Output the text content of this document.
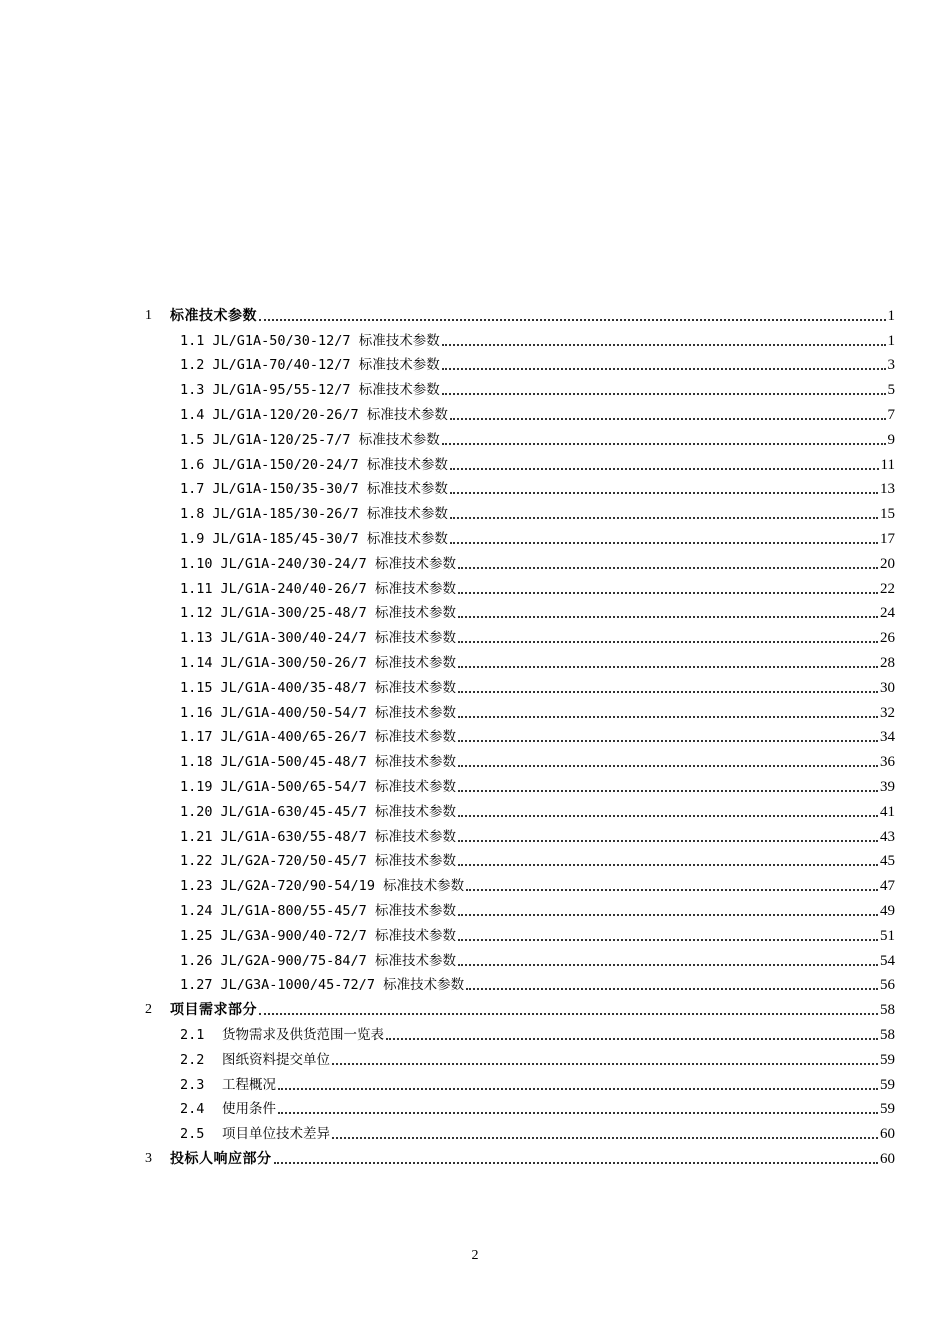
1	标准技术参数	1
1.1 JL/G1A-50/30-12/7 标准技术参数	1
1.2 JL/G1A-70/40-12/7 标准技术参数	3
1.3 JL/G1A-95/55-12/7 标准技术参数	5
1.4 JL/G1A-120/20-26/7 标准技术参数	7
1.5 JL/G1A-120/25-7/7 标准技术参数	9
1.6 JL/G1A-150/20-24/7 标准技术参数	11
1.7 JL/G1A-150/35-30/7 标准技术参数	13
1.8 JL/G1A-185/30-26/7 标准技术参数	15
1.9 JL/G1A-185/45-30/7 标准技术参数	17
1.10 JL/G1A-240/30-24/7 标准技术参数	20
1.11 JL/G1A-240/40-26/7 标准技术参数	22
1.12 JL/G1A-300/25-48/7 标准技术参数	24
1.13 JL/G1A-300/40-24/7 标准技术参数	26
1.14 JL/G1A-300/50-26/7 标准技术参数	28
1.15 JL/G1A-400/35-48/7 标准技术参数	30
1.16 JL/G1A-400/50-54/7 标准技术参数	32
1.17 JL/G1A-400/65-26/7 标准技术参数	34
1.18 JL/G1A-500/45-48/7 标准技术参数	36
1.19 JL/G1A-500/65-54/7 标准技术参数	39
1.20 JL/G1A-630/45-45/7 标准技术参数	41
1.21 JL/G1A-630/55-48/7 标准技术参数	43
1.22 JL/G2A-720/50-45/7 标准技术参数	45
1.23 JL/G2A-720/90-54/19 标准技术参数	47
1.24 JL/G1A-800/55-45/7 标准技术参数	49
1.25 JL/G3A-900/40-72/7 标准技术参数	51
1.26 JL/G2A-900/75-84/7 标准技术参数	54
1.27 JL/G3A-1000/45-72/7 标准技术参数	56
2	项目需求部分	58
2.1	货物需求及供货范围一览表	58
2.2	图纸资料提交单位	59
2.3	工程概况	59
2.4	使用条件	59
2.5	项目单位技术差异	60
3	投标人响应部分	60
2
